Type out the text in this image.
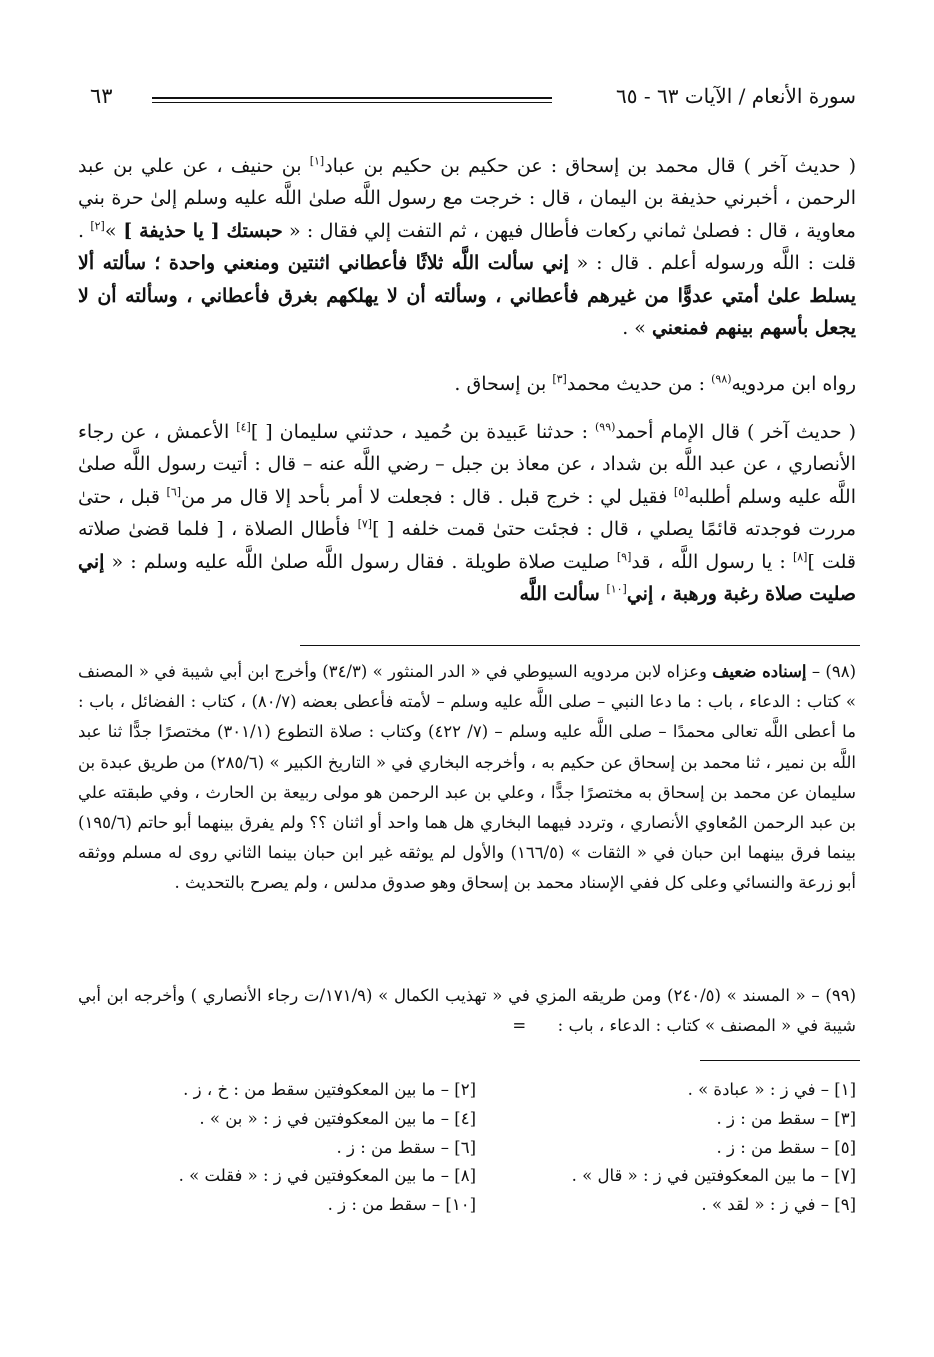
سورة الأنعام / الآيات ٦٣ - ٦٥
٦٣

( حديث آخر ) قال محمد بن إسحاق : عن حكيم بن حكيم بن عباد[١] بن حنيف ، عن علي بن عبد الرحمن ، أخبرني حذيفة بن اليمان ، قال : خرجت مع رسول اللَّه صلىٰ اللَّه عليه وسلم إلىٰ حرة بني معاوية ، قال : فصلىٰ ثماني ركعات فأطال فيهن ، ثم التفت إلي فقال : « حبستك [ يا حذيفة ] »[٢] . قلت : اللَّه ورسوله أعلم . قال : « إني سألت اللَّه ثلاثًا فأعطاني اثنتين ومنعني واحدة ؛ سألته ألا يسلط علىٰ أمتي عدوًّا من غيرهم فأعطاني ، وسألته أن لا يهلكهم بغرق فأعطاني ، وسألته أن لا يجعل بأسهم بينهم فمنعني » .

رواه ابن مردويه$^{(٩٨)}$ : من حديث محمد[٣] بن إسحاق .

( حديث آخر ) قال الإمام أحمد$^{(٩٩)}$ : حدثنا عَبيدة بن حُميد ، حدثني سليمان [ ][٤] الأعمش ، عن رجاء الأنصاري ، عن عبد اللَّه بن شداد ، عن معاذ بن جبل – رضي اللَّه عنه – قال : أتيت رسول اللَّه صلىٰ اللَّه عليه وسلم أطلبه[٥] فقيل لي : خرج قبل . قال : فجعلت لا أمر بأحد إلا قال مر من[٦] قبل ، حتىٰ مررت فوجدته قائمًا يصلي ، قال : فجئت حتىٰ قمت خلفه [ ][٧] فأطال الصلاة ، [ فلما قضىٰ صلاته قلت ][٨] : يا رسول اللَّه ، قد[٩] صليت صلاة طويلة . فقال رسول اللَّه صلىٰ اللَّه عليه وسلم : « إني صليت صلاة رغبة ورهبة ، إني[١٠] سألت اللَّه

(٩٨) – إسناده ضعيف وعزاه لابن مردويه السيوطي في « الدر المنثور » (٣٤/٣) وأخرج ابن أبي شيبة في « المصنف » كتاب : الدعاء ، باب : ما دعا النبي – صلى اللَّه عليه وسلم – لأمته فأعطى بعضه (٨٠/٧) ، كتاب : الفضائل ، باب : ما أعطى اللَّه تعالى محمدًا – صلى اللَّه عليه وسلم – (٧/ ٤٢٢) وكتاب : صلاة التطوع (٣٠١/١) مختصرًا جدًّا ثنا عبد اللَّه بن نمير ، ثنا محمد بن إسحاق عن حكيم به ، وأخرجه البخاري في « التاريخ الكبير » (٢٨٥/٦) من طريق عبدة بن سليمان عن محمد بن إسحاق به مختصرًا جدًّا ، وعلي بن عبد الرحمن هو مولى ربيعة بن الحارث ، وفي طبقته علي بن عبد الرحمن المُعاوي الأنصاري ، وتردد فيهما البخاري هل هما واحد أو اثنان ؟؟ ولم يفرق بينهما أبو حاتم (١٩٥/٦) بينما فرق بينهما ابن حبان في « الثقات » (١٦٦/٥) والأول لم يوثقه غير ابن حبان بينما الثاني روى له مسلم ووثقه أبو زرعة والنسائي وعلى كل ففي الإسناد محمد بن إسحاق وهو صدوق مدلس ، ولم يصرح بالتحديث .

(٩٩) – « المسند » (٢٤٠/٥) ومن طريقه المزي في « تهذيب الكمال » (١٧١/٩/ت رجاء الأنصاري ) وأخرجه ابن أبي شيبة في « المصنف » كتاب : الدعاء ، باب :      =

[١] – في ز : « عبادة » .
[٢] – ما بين المعكوفتين سقط من : خ ، ز .
[٣] – سقط من : ز .
[٤] – ما بين المعكوفتين في ز : « بن » .
[٥] – سقط من : ز .
[٦] – سقط من : ز .
[٧] – ما بين المعكوفتين في ز : « قال » .
[٨] – ما بين المعكوفتين في ز : « فقلت » .
[٩] – في ز : « لقد » .
[١٠] – سقط من : ز .
